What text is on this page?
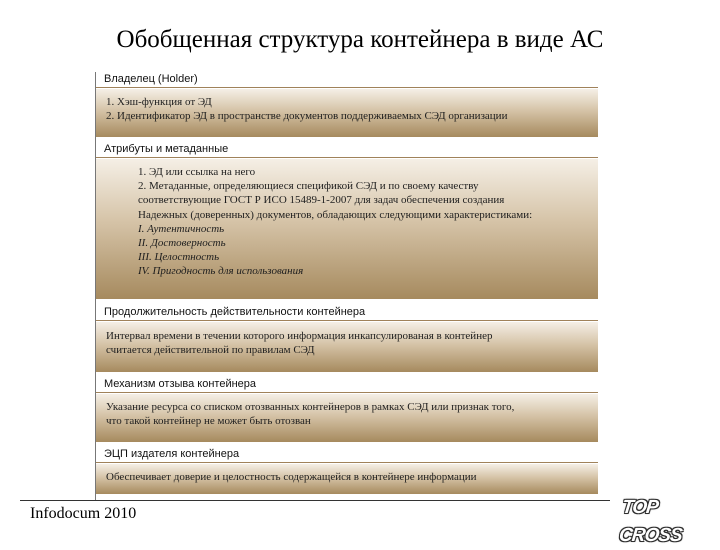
Обобщенная структура контейнера в виде АС
Владелец (Holder)
1. Хэш-функция от ЭД
2. Идентификатор ЭД в пространстве документов поддерживаемых СЭД организации
Атрибуты и метаданные
1. ЭД или ссылка на него
2. Метаданные, определяющиеся спецификой СЭД и по своему качеству
соответствующие ГОСТ Р ИСО 15489-1-2007 для задач обеспечения создания
Надежных (доверенных) документов, обладающих следующими характеристиками:
I. Аутентичность
II. Достоверность
III. Целостность
IV. Пригодность для использования
Продолжительность действительности контейнера
Интервал времени в течении которого информация инкапсулированая в контейнер
считается действительной по правилам СЭД
Механизм отзыва контейнера
Указание ресурса со списком отозванных контейнеров в рамках СЭД или признак того,
что такой контейнер не может быть отозван
ЭЦП издателя контейнера
Обеспечивает доверие и целостность содержащейся в контейнере информации
Infodocum 2010	TOP CROSS
